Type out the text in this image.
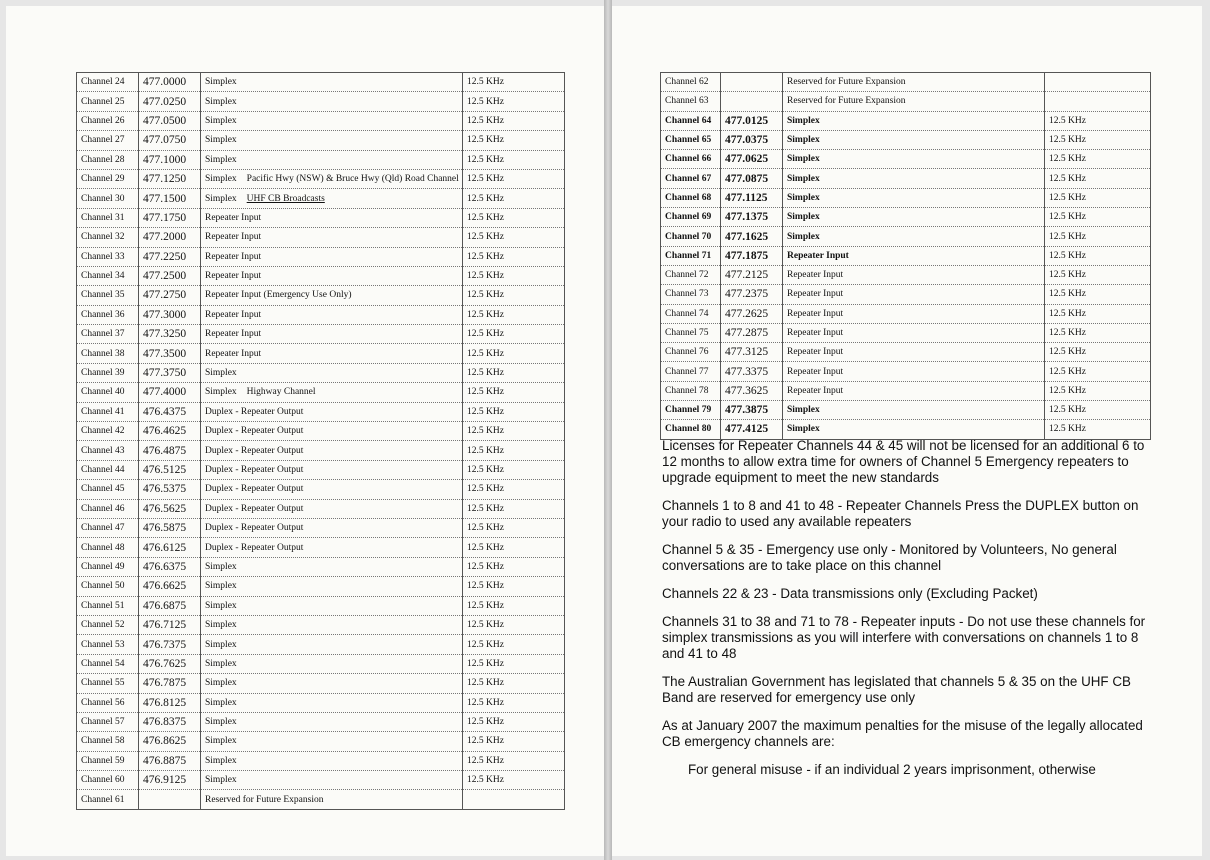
Channel 24	477.0000	Simplex	12.5 KHz
Channel 25	477.0250	Simplex	12.5 KHz
Channel 26	477.0500	Simplex	12.5 KHz
Channel 27	477.0750	Simplex	12.5 KHz
Channel 28	477.1000	Simplex	12.5 KHz
Channel 29	477.1250	Simplex Pacific Hwy (NSW) & Bruce Hwy (Qld) Road Channel	12.5 KHz
Channel 30	477.1500	Simplex UHF CB Broadcasts	12.5 KHz
Channel 31	477.1750	Repeater Input	12.5 KHz
Channel 32	477.2000	Repeater Input	12.5 KHz
Channel 33	477.2250	Repeater Input	12.5 KHz
Channel 34	477.2500	Repeater Input	12.5 KHz
Channel 35	477.2750	Repeater Input (Emergency Use Only)	12.5 KHz
Channel 36	477.3000	Repeater Input	12.5 KHz
Channel 37	477.3250	Repeater Input	12.5 KHz
Channel 38	477.3500	Repeater Input	12.5 KHz
Channel 39	477.3750	Simplex	12.5 KHz
Channel 40	477.4000	Simplex Highway Channel	12.5 KHz
Channel 41	476.4375	Duplex - Repeater Output	12.5 KHz
Channel 42	476.4625	Duplex - Repeater Output	12.5 KHz
Channel 43	476.4875	Duplex - Repeater Output	12.5 KHz
Channel 44	476.5125	Duplex - Repeater Output	12.5 KHz
Channel 45	476.5375	Duplex - Repeater Output	12.5 KHz
Channel 46	476.5625	Duplex - Repeater Output	12.5 KHz
Channel 47	476.5875	Duplex - Repeater Output	12.5 KHz
Channel 48	476.6125	Duplex - Repeater Output	12.5 KHz
Channel 49	476.6375	Simplex	12.5 KHz
Channel 50	476.6625	Simplex	12.5 KHz
Channel 51	476.6875	Simplex	12.5 KHz
Channel 52	476.7125	Simplex	12.5 KHz
Channel 53	476.7375	Simplex	12.5 KHz
Channel 54	476.7625	Simplex	12.5 KHz
Channel 55	476.7875	Simplex	12.5 KHz
Channel 56	476.8125	Simplex	12.5 KHz
Channel 57	476.8375	Simplex	12.5 KHz
Channel 58	476.8625	Simplex	12.5 KHz
Channel 59	476.8875	Simplex	12.5 KHz
Channel 60	476.9125	Simplex	12.5 KHz
Channel 61		Reserved for Future Expansion	
Channel 62		Reserved for Future Expansion	
Channel 63		Reserved for Future Expansion	
Channel 64	477.0125	Simplex	12.5 KHz
Channel 65	477.0375	Simplex	12.5 KHz
Channel 66	477.0625	Simplex	12.5 KHz
Channel 67	477.0875	Simplex	12.5 KHz
Channel 68	477.1125	Simplex	12.5 KHz
Channel 69	477.1375	Simplex	12.5 KHz
Channel 70	477.1625	Simplex	12.5 KHz
Channel 71	477.1875	Repeater Input	12.5 KHz
Channel 72	477.2125	Repeater Input	12.5 KHz
Channel 73	477.2375	Repeater Input	12.5 KHz
Channel 74	477.2625	Repeater Input	12.5 KHz
Channel 75	477.2875	Repeater Input	12.5 KHz
Channel 76	477.3125	Repeater Input	12.5 KHz
Channel 77	477.3375	Repeater Input	12.5 KHz
Channel 78	477.3625	Repeater Input	12.5 KHz
Channel 79	477.3875	Simplex	12.5 KHz
Channel 80	477.4125	Simplex	12.5 KHz

Licenses for Repeater Channels 44 & 45 will not be licensed for an additional 6 to 12 months to allow extra time for owners of Channel 5 Emergency repeaters to upgrade equipment to meet the new standards

Channels 1 to 8 and 41 to 48 - Repeater Channels Press the DUPLEX button on your radio to used any available repeaters

Channel 5 & 35 - Emergency use only - Monitored by Volunteers, No general conversations are to take place on this channel

Channels 22 & 23 - Data transmissions only (Excluding Packet)

Channels 31 to 38 and 71 to 78 - Repeater inputs - Do not use these channels for simplex transmissions as you will interfere with conversations on channels 1 to 8 and 41 to 48

The Australian Government has legislated that channels 5 & 35 on the UHF CB Band are reserved for emergency use only

As at January 2007 the maximum penalties for the misuse of the legally allocated CB emergency channels are:

For general misuse - if an individual 2 years imprisonment, otherwise
